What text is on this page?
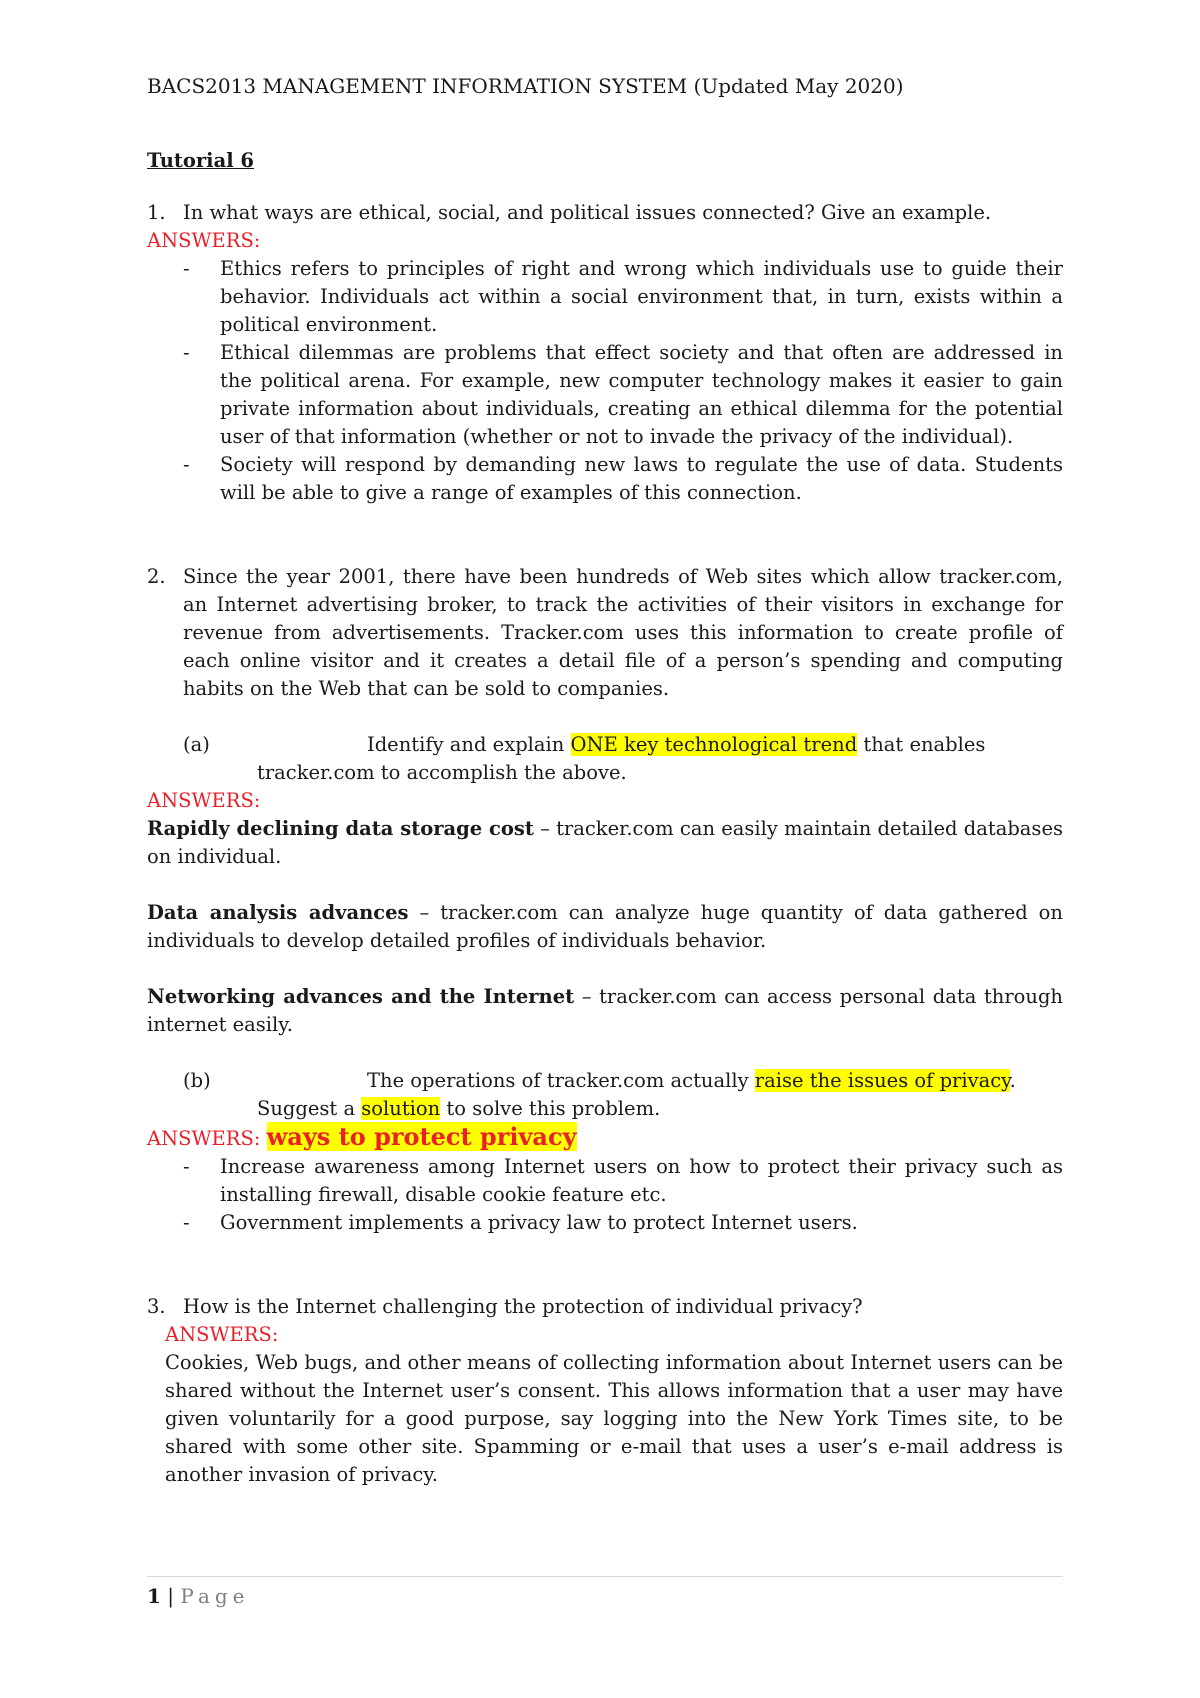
BACS2013 MANAGEMENT INFORMATION SYSTEM (Updated May 2020)

Tutorial 6

1. In what ways are ethical, social, and political issues connected? Give an example.

ANSWERS:

- Ethics refers to principles of right and wrong which individuals use to guide their behavior. Individuals act within a social environment that, in turn, exists within a political environment.
- Ethical dilemmas are problems that effect society and that often are addressed in the political arena. For example, new computer technology makes it easier to gain private information about individuals, creating an ethical dilemma for the potential user of that information (whether or not to invade the privacy of the individual).
- Society will respond by demanding new laws to regulate the use of data. Students will be able to give a range of examples of this connection.
2. Since the year 2001, there have been hundreds of Web sites which allow tracker.com, an Internet advertising broker, to track the activities of their visitors in exchange for revenue from advertisements. Tracker.com uses this information to create profile of each online visitor and it creates a detail file of a person’s spending and computing habits on the Web that can be sold to companies.
(a)	Identify and explain ONE key technological trend that enables

tracker.com to accomplish the above.

ANSWERS:

Rapidly declining data storage cost – tracker.com can easily maintain detailed databases on individual.

Data analysis advances – tracker.com can analyze huge quantity of data gathered on individuals to develop detailed profiles of individuals behavior.

Networking advances and the Internet – tracker.com can access personal data through internet easily.

(b)	The operations of tracker.com actually raise the issues of privacy.

Suggest a solution to solve this problem.

ANSWERS: ways to protect privacy

- Increase awareness among Internet users on how to protect their privacy such as installing firewall, disable cookie feature etc.
- Government implements a privacy law to protect Internet users.
3. How is the Internet challenging the protection of individual privacy?

ANSWERS:

Cookies, Web bugs, and other means of collecting information about Internet users can be shared without the Internet user’s consent. This allows information that a user may have given voluntarily for a good purpose, say logging into the New York Times site, to be shared with some other site. Spamming or e-mail that uses a user’s e-mail address is another invasion of privacy.

1 | Page
